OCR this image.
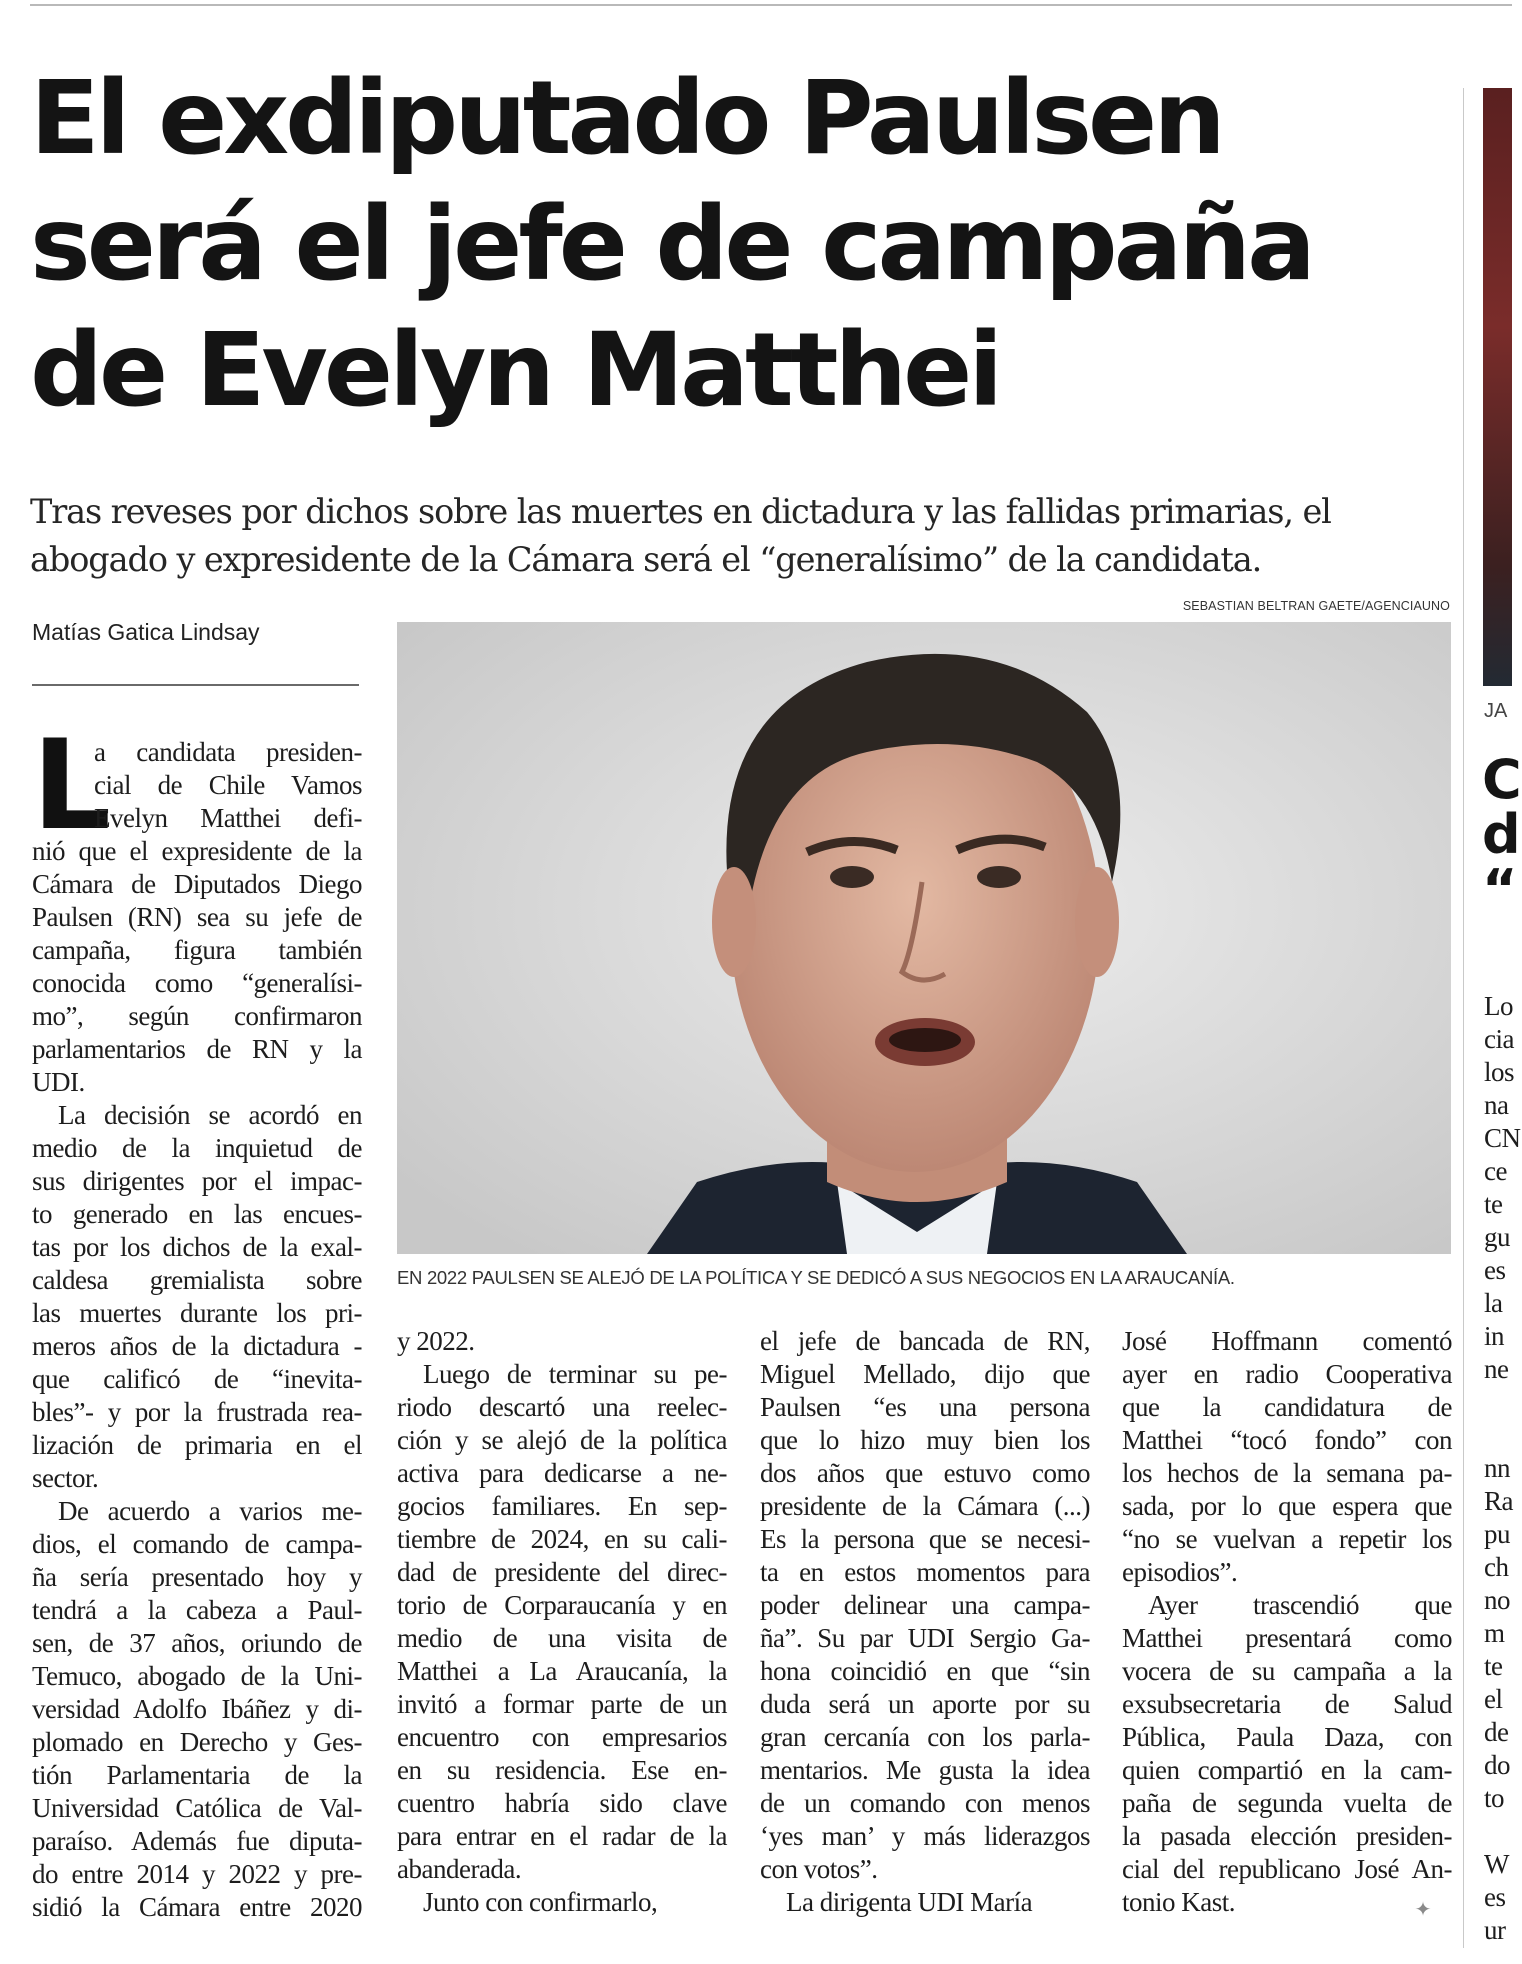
El exdiputado Paulsen
será el jefe de campaña
de Evelyn Matthei

Tras reveses por dichos sobre las muertes en dictadura y las fallidas primarias, el
abogado y expresidente de la Cámara será el “generalísimo” de la candidata.

Matías Gatica Lindsay
SEBASTIAN BELTRAN GAETE/AGENCIAUNO
EN 2022 PAULSEN SE ALEJÓ DE LA POLÍTICA Y SE DEDICÓ A SUS NEGOCIOS EN LA ARAUCANÍA.
L
a candidata presiden-
cial de Chile Vamos
Evelyn Matthei defi-
nió que el expresidente de la
Cámara de Diputados Diego
Paulsen (RN) sea su jefe de
campaña, figura también
conocida como “generalísi-
mo”, según confirmaron
parlamentarios de RN y la
UDI.
La decisión se acordó en
medio de la inquietud de
sus dirigentes por el impac-
to generado en las encues-
tas por los dichos de la exal-
caldesa gremialista sobre
las muertes durante los pri-
meros años de la dictadura -
que calificó de “inevita-
bles”- y por la frustrada rea-
lización de primaria en el
sector.
De acuerdo a varios me-
dios, el comando de campa-
ña sería presentado hoy y
tendrá a la cabeza a Paul-
sen, de 37 años, oriundo de
Temuco, abogado de la Uni-
versidad Adolfo Ibáñez y di-
plomado en Derecho y Ges-
tión Parlamentaria de la
Universidad Católica de Val-
paraíso. Además fue diputa-
do entre 2014 y 2022 y pre-
sidió la Cámara entre 2020
y 2022.
Luego de terminar su pe-
riodo descartó una reelec-
ción y se alejó de la política
activa para dedicarse a ne-
gocios familiares. En sep-
tiembre de 2024, en su cali-
dad de presidente del direc-
torio de Corparaucanía y en
medio de una visita de
Matthei a La Araucanía, la
invitó a formar parte de un
encuentro con empresarios
en su residencia. Ese en-
cuentro habría sido clave
para entrar en el radar de la
abanderada.
Junto con confirmarlo,
el jefe de bancada de RN,
Miguel Mellado, dijo que
Paulsen “es una persona
que lo hizo muy bien los
dos años que estuvo como
presidente de la Cámara (...)
Es la persona que se necesi-
ta en estos momentos para
poder delinear una campa-
ña”. Su par UDI Sergio Ga-
hona coincidió en que “sin
duda será un aporte por su
gran cercanía con los parla-
mentarios. Me gusta la idea
de un comando con menos
‘yes man’ y más liderazgos
con votos”.
La dirigenta UDI María
José Hoffmann comentó
ayer en radio Cooperativa
que la candidatura de
Matthei “tocó fondo” con
los hechos de la semana pa-
sada, por lo que espera que
“no se vuelvan a repetir los
episodios”.
Ayer trascendió que
Matthei presentará como
vocera de su campaña a la
exsubsecretaria de Salud
Pública, Paula Daza, con
quien compartió en la cam-
paña de segunda vuelta de
la pasada elección presiden-
cial del republicano José An-
tonio Kast.	✦
JA
C
d
“
Lo
cia
los
na
CN
ce
te
gu
es
la
in
ne
nn
Ra
pu
ch
no
m
te
el
de
do
to
W
es
ur
